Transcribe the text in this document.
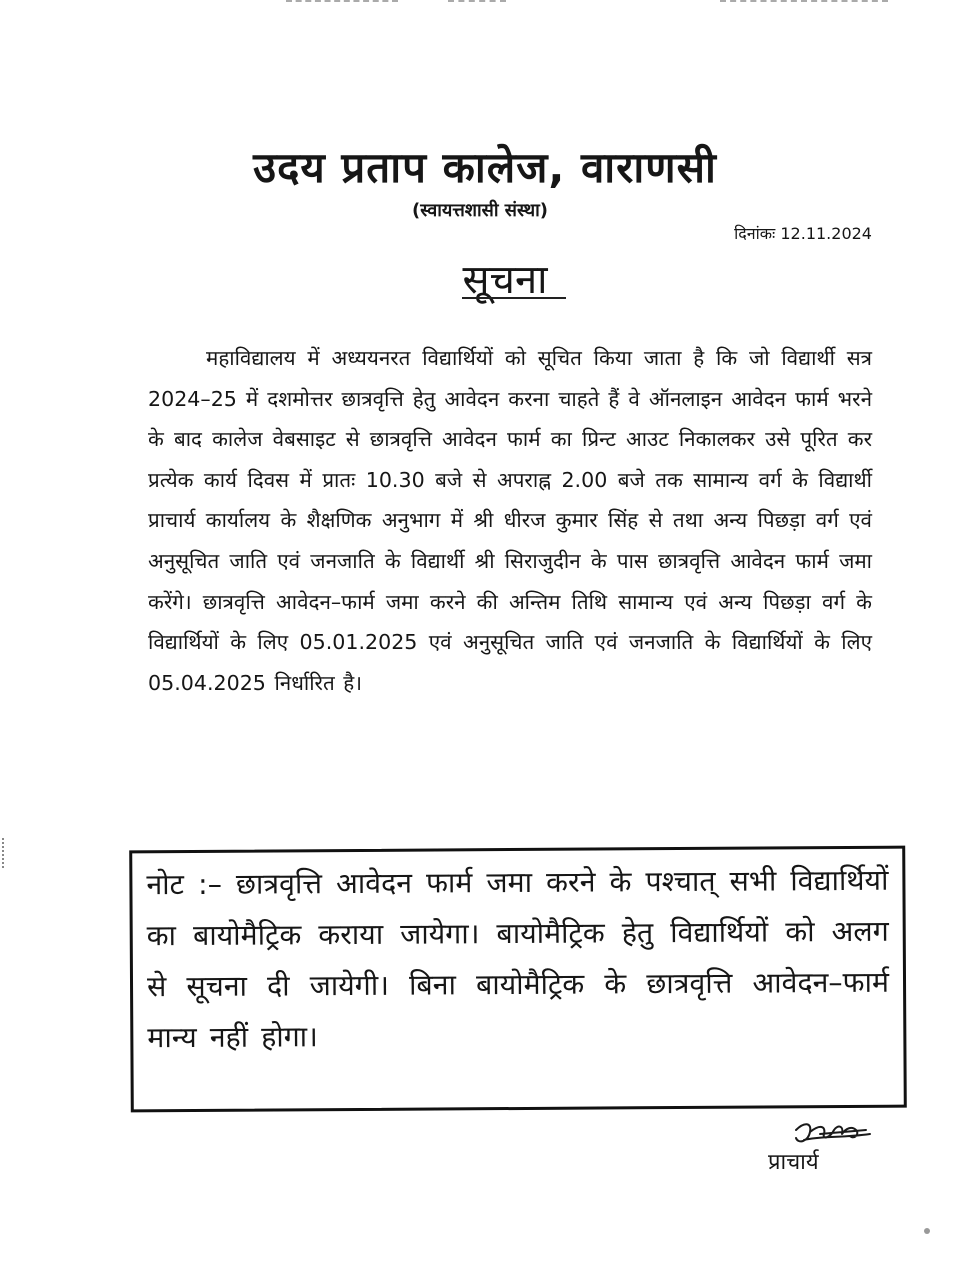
उदय प्रताप कालेज, वाराणसी
(स्वायत्तशासी संस्था)
दिनांकः 12.11.2024
सूचना
महाविद्यालय में अध्ययनरत विद्यार्थियों को सूचित किया जाता है कि जो विद्यार्थी सत्र 2024–25 में दशमोत्तर छात्रवृत्ति हेतु आवेदन करना चाहते हैं वे ऑनलाइन आवेदन फार्म भरने के बाद कालेज वेबसाइट से छात्रवृत्ति आवेदन फार्म का प्रिन्ट आउट निकालकर उसे पूरित कर प्रत्येक कार्य दिवस में प्रातः 10.30 बजे से अपराह्न 2.00 बजे तक सामान्य वर्ग के विद्यार्थी प्राचार्य कार्यालय के शैक्षणिक अनुभाग में श्री धीरज कुमार सिंह से तथा अन्य पिछड़ा वर्ग एवं अनुसूचित जाति एवं जनजाति के विद्यार्थी श्री सिराजुदीन के पास छात्रवृत्ति आवेदन फार्म जमा करेंगे। छात्रवृत्ति आवेदन–फार्म जमा करने की अन्तिम तिथि सामान्य एवं अन्य पिछड़ा वर्ग के विद्यार्थियों के लिए 05.01.2025 एवं अनुसूचित जाति एवं जनजाति के विद्यार्थियों के लिए 05.04.2025 निर्धारित है।
नोट :– छात्रवृत्ति आवेदन फार्म जमा करने के पश्चात् सभी विद्यार्थियों का बायोमैट्रिक कराया जायेगा। बायोमैट्रिक हेतु विद्यार्थियों को अलग से सूचना दी जायेगी। बिना बायोमैट्रिक के छात्रवृत्ति आवेदन–फार्म मान्य नहीं होगा।
प्राचार्य
